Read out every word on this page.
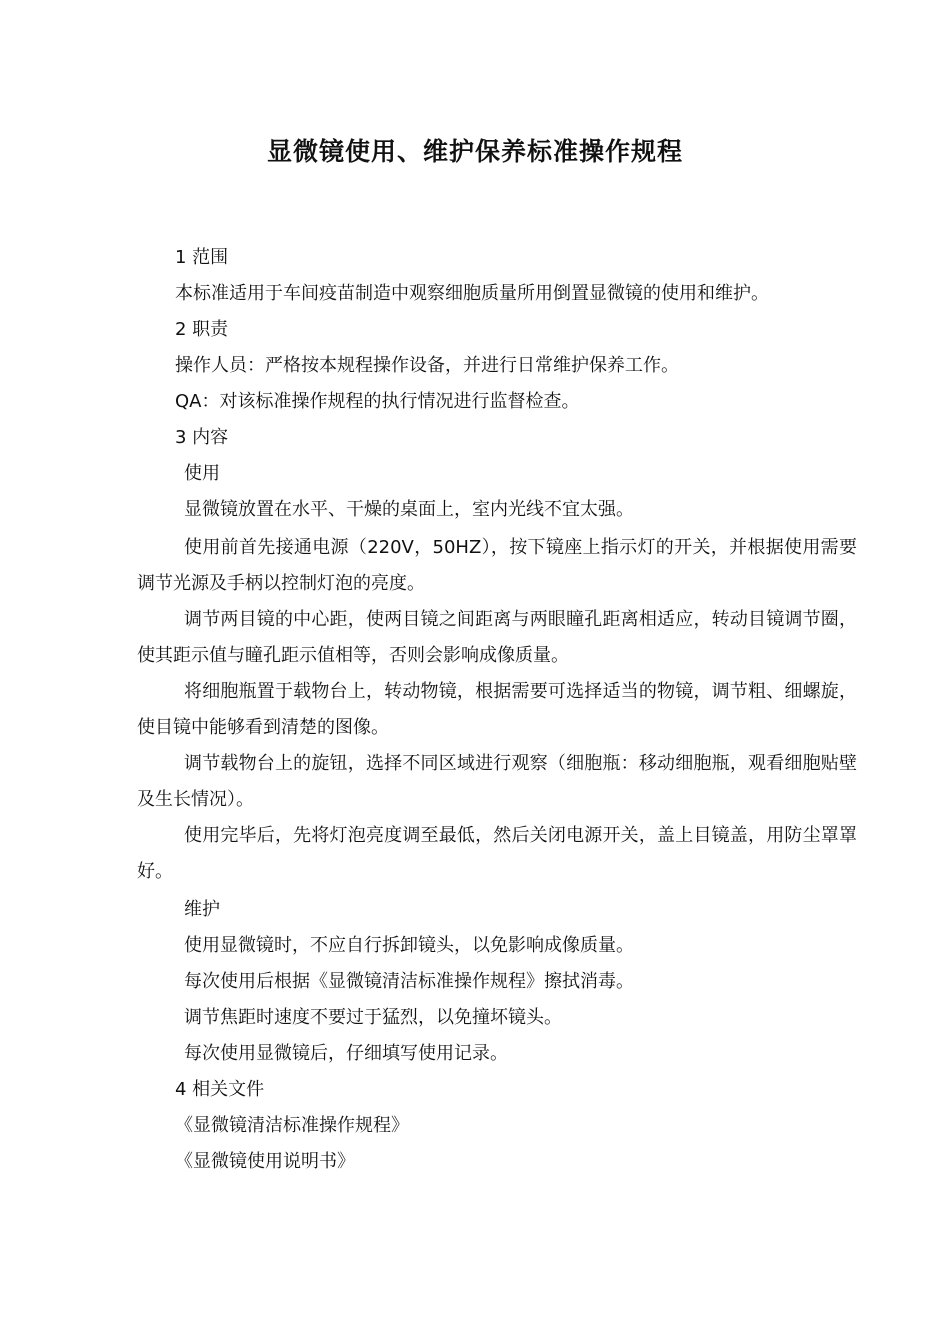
显微镜使用、维护保养标准操作规程
1 范围
本标准适用于车间疫苗制造中观察细胞质量所用倒置显微镜的使用和维护。
2 职责
操作人员：严格按本规程操作设备，并进行日常维护保养工作。
QA：对该标准操作规程的执行情况进行监督检查。
3 内容
使用
显微镜放置在水平、干燥的桌面上，室内光线不宜太强。
使用前首先接通电源（220V，50HZ），按下镜座上指示灯的开关，并根据使用需要调节光源及手柄以控制灯泡的亮度。
调节两目镜的中心距，使两目镜之间距离与两眼瞳孔距离相适应，转动目镜调节圈，使其距示值与瞳孔距示值相等，否则会影响成像质量。
将细胞瓶置于载物台上，转动物镜，根据需要可选择适当的物镜，调节粗、细螺旋，使目镜中能够看到清楚的图像。
调节载物台上的旋钮，选择不同区域进行观察（细胞瓶：移动细胞瓶，观看细胞贴壁及生长情况）。
使用完毕后，先将灯泡亮度调至最低，然后关闭电源开关，盖上目镜盖，用防尘罩罩好。
维护
使用显微镜时，不应自行拆卸镜头，以免影响成像质量。
每次使用后根据《显微镜清洁标准操作规程》擦拭消毒。
调节焦距时速度不要过于猛烈，以免撞坏镜头。
每次使用显微镜后，仔细填写使用记录。
4 相关文件
《显微镜清洁标准操作规程》
《显微镜使用说明书》
